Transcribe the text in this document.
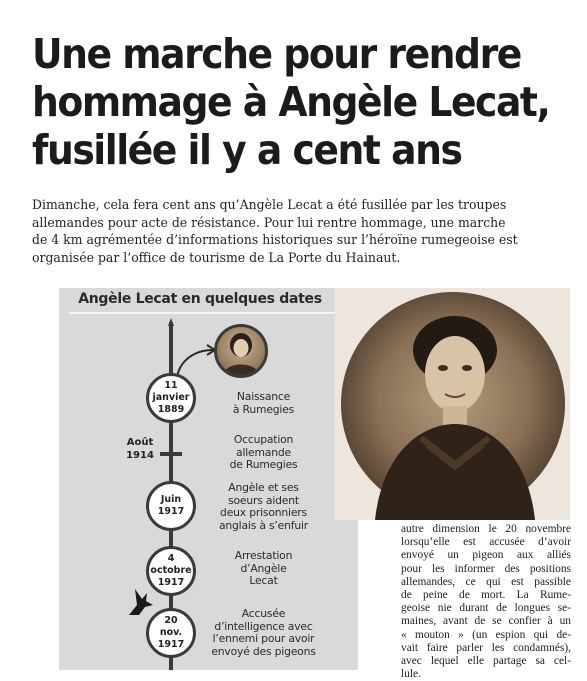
Une marche pour rendre
hommage à Angèle Lecat,
fusillée il y a cent ans

Dimanche, cela fera cent ans qu’Angèle Lecat a été fusillée par les troupes
allemandes pour acte de résistance. Pour lui rentre hommage, une marche
de 4 km agrémentée d’informations historiques sur l’héroïne rumegeoise est
organisée par l’office de tourisme de La Porte du Hainaut.

Angèle Lecat en quelques dates
11
janvier
1889
Naissance
à Rumegies
Août
1914
Occupation
allemande
de Rumegies
Juin
1917
Angèle et ses
soeurs aident
deux prisonniers
anglais à s’enfuir
4
octobre
1917
Arrestation
d’Angèle
Lecat
20
nov.
1917
Accusée
d’intelligence avec
l’ennemi pour avoir
envoyé des pigeons
autre dimension le 20 novembre
lorsqu’elle est accusée d’avoir
envoyé un pigeon aux alliés
pour les informer des positions
allemandes, ce qui est passible
de peine de mort. La Rume-
geoise nie durant de longues se-
maines, avant de se confier à un
« mouton » (un espion qui de-
vait faire parler les condamnés),
avec lequel elle partage sa cel-
lule.
